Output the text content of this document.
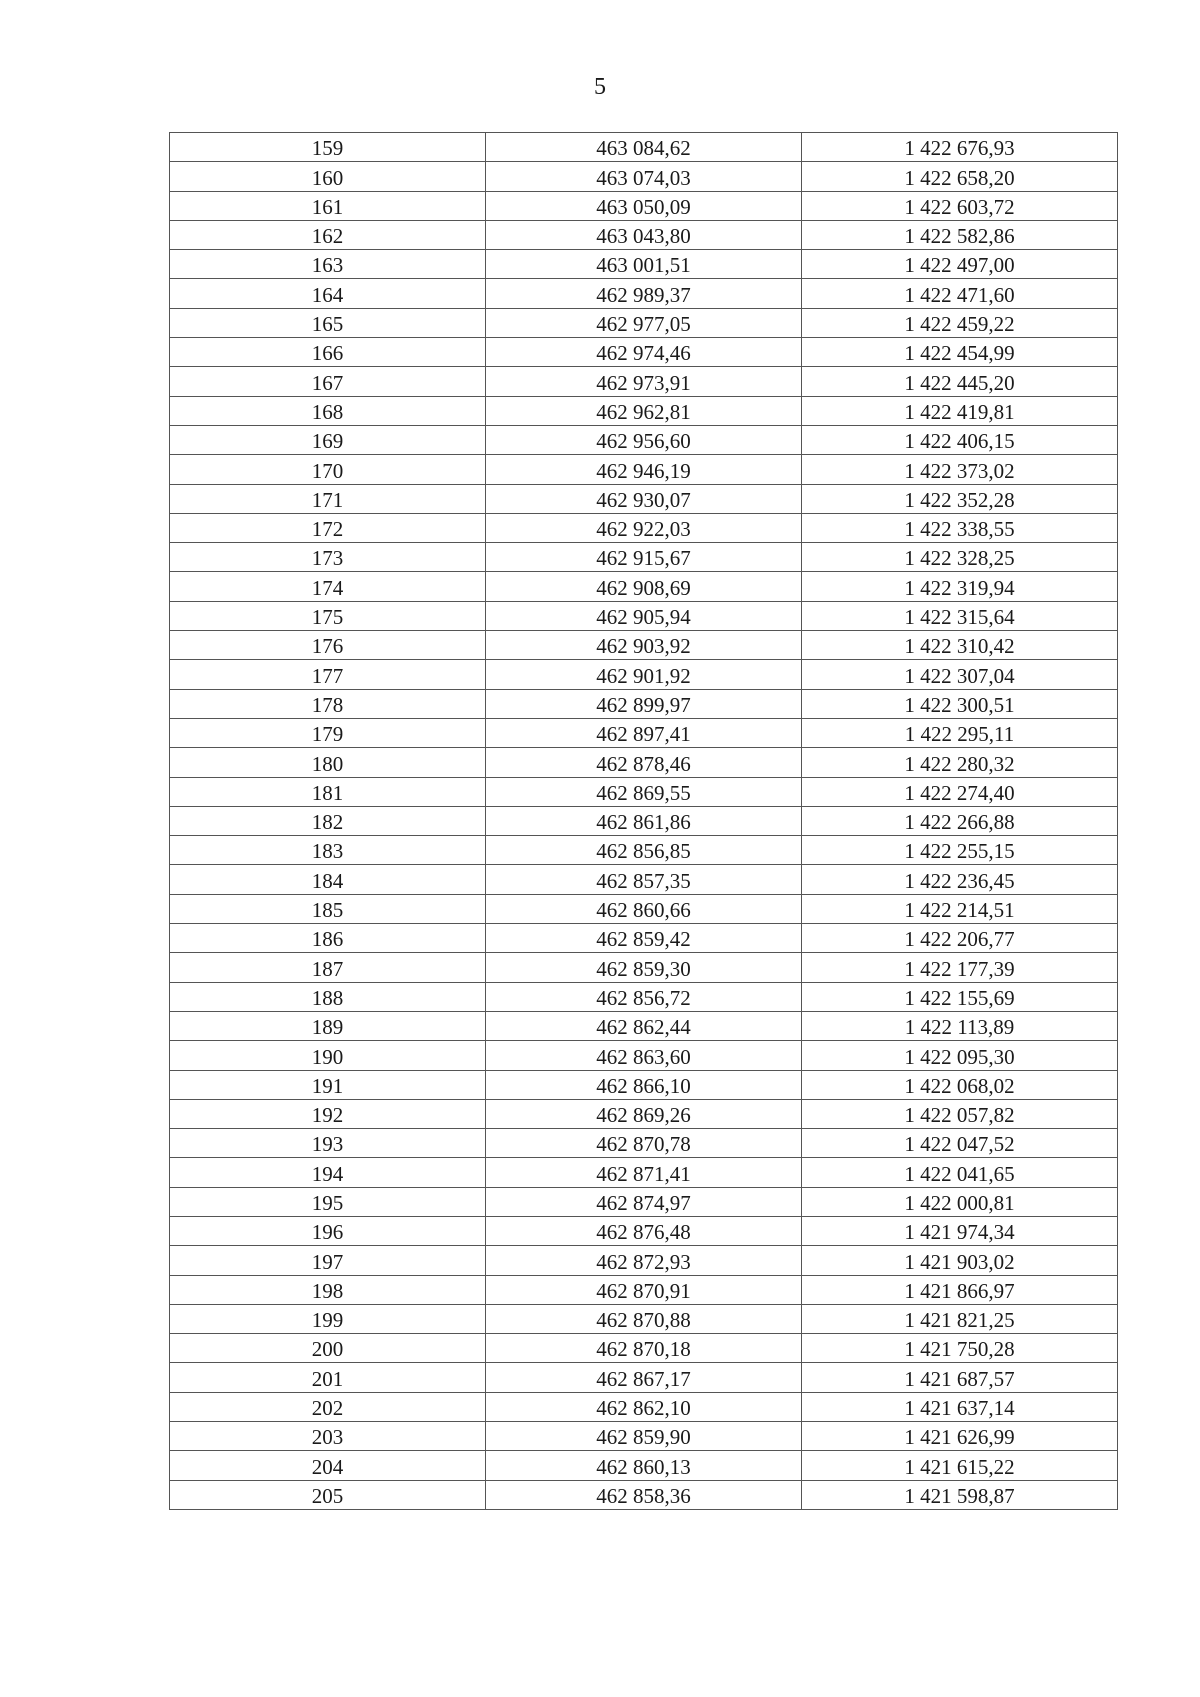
5
159	463 084,62	1 422 676,93
160	463 074,03	1 422 658,20
161	463 050,09	1 422 603,72
162	463 043,80	1 422 582,86
163	463 001,51	1 422 497,00
164	462 989,37	1 422 471,60
165	462 977,05	1 422 459,22
166	462 974,46	1 422 454,99
167	462 973,91	1 422 445,20
168	462 962,81	1 422 419,81
169	462 956,60	1 422 406,15
170	462 946,19	1 422 373,02
171	462 930,07	1 422 352,28
172	462 922,03	1 422 338,55
173	462 915,67	1 422 328,25
174	462 908,69	1 422 319,94
175	462 905,94	1 422 315,64
176	462 903,92	1 422 310,42
177	462 901,92	1 422 307,04
178	462 899,97	1 422 300,51
179	462 897,41	1 422 295,11
180	462 878,46	1 422 280,32
181	462 869,55	1 422 274,40
182	462 861,86	1 422 266,88
183	462 856,85	1 422 255,15
184	462 857,35	1 422 236,45
185	462 860,66	1 422 214,51
186	462 859,42	1 422 206,77
187	462 859,30	1 422 177,39
188	462 856,72	1 422 155,69
189	462 862,44	1 422 113,89
190	462 863,60	1 422 095,30
191	462 866,10	1 422 068,02
192	462 869,26	1 422 057,82
193	462 870,78	1 422 047,52
194	462 871,41	1 422 041,65
195	462 874,97	1 422 000,81
196	462 876,48	1 421 974,34
197	462 872,93	1 421 903,02
198	462 870,91	1 421 866,97
199	462 870,88	1 421 821,25
200	462 870,18	1 421 750,28
201	462 867,17	1 421 687,57
202	462 862,10	1 421 637,14
203	462 859,90	1 421 626,99
204	462 860,13	1 421 615,22
205	462 858,36	1 421 598,87
